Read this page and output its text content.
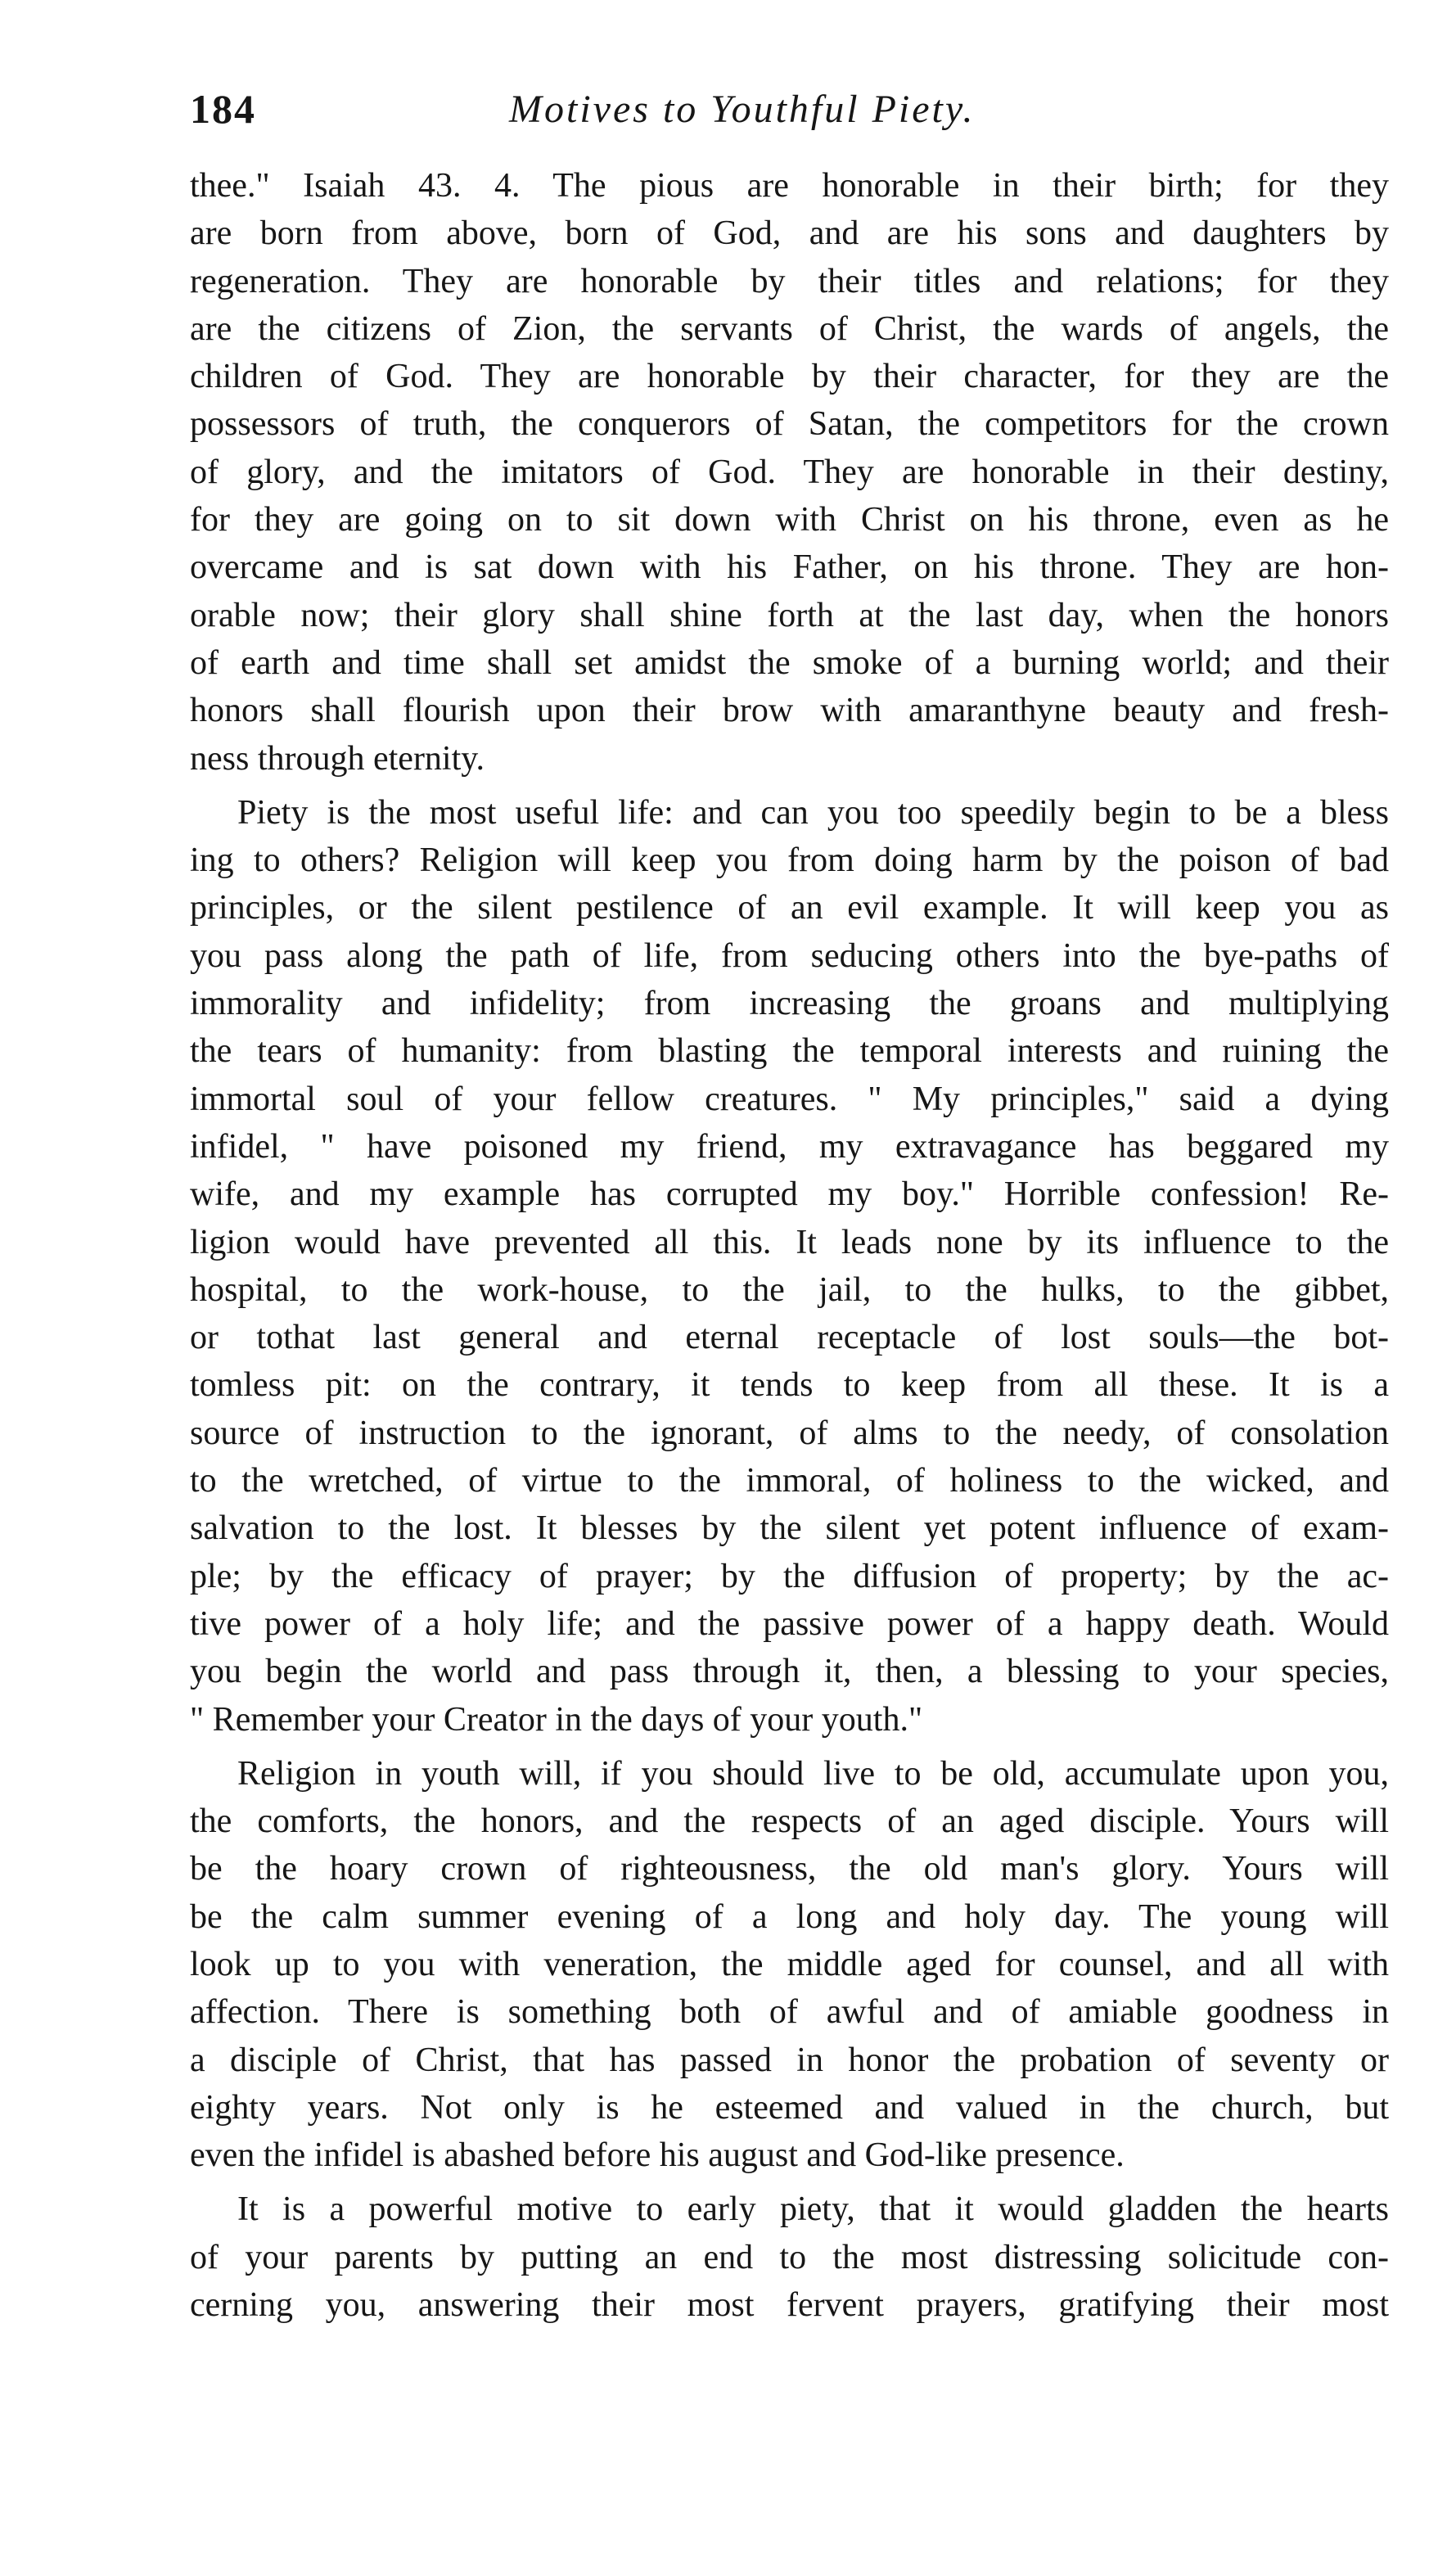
184	Motives to Youthful Piety.
thee." Isaiah 43. 4. The pious are honorable in their birth; for they
are born from above, born of God, and are his sons and daughters by
regeneration. They are honorable by their titles and relations; for they
are the citizens of Zion, the servants of Christ, the wards of angels, the
children of God. They are honorable by their character, for they are the
possessors of truth, the conquerors of Satan, the competitors for the crown
of glory, and the imitators of God. They are honorable in their destiny,
for they are going on to sit down with Christ on his throne, even as he
overcame and is sat down with his Father, on his throne. They are hon-
orable now; their glory shall shine forth at the last day, when the honors
of earth and time shall set amidst the smoke of a burning world; and their
honors shall flourish upon their brow with amaranthyne beauty and fresh-
ness through eternity.
Piety is the most useful life: and can you too speedily begin to be a bless
ing to others? Religion will keep you from doing harm by the poison of bad
principles, or the silent pestilence of an evil example. It will keep you as
you pass along the path of life, from seducing others into the bye-paths of
immorality and infidelity; from increasing the groans and multiplying
the tears of humanity: from blasting the temporal interests and ruining the
immortal soul of your fellow creatures. " My principles," said a dying
infidel, " have poisoned my friend, my extravagance has beggared my
wife, and my example has corrupted my boy." Horrible confession! Re-
ligion would have prevented all this. It leads none by its influence to the
hospital, to the work-house, to the jail, to the hulks, to the gibbet,
or tothat last general and eternal receptacle of lost souls—the bot-
tomless pit: on the contrary, it tends to keep from all these. It is a
source of instruction to the ignorant, of alms to the needy, of consolation
to the wretched, of virtue to the immoral, of holiness to the wicked, and
salvation to the lost. It blesses by the silent yet potent influence of exam-
ple; by the efficacy of prayer; by the diffusion of property; by the ac-
tive power of a holy life; and the passive power of a happy death. Would
you begin the world and pass through it, then, a blessing to your species,
" Remember your Creator in the days of your youth."
Religion in youth will, if you should live to be old, accumulate upon you,
the comforts, the honors, and the respects of an aged disciple. Yours will
be the hoary crown of righteousness, the old man's glory. Yours will
be the calm summer evening of a long and holy day. The young will
look up to you with veneration, the middle aged for counsel, and all with
affection. There is something both of awful and of amiable goodness in
a disciple of Christ, that has passed in honor the probation of seventy or
eighty years. Not only is he esteemed and valued in the church, but
even the infidel is abashed before his august and God-like presence.
It is a powerful motive to early piety, that it would gladden the hearts
of your parents by putting an end to the most distressing solicitude con-
cerning you, answering their most fervent prayers, gratifying their most
